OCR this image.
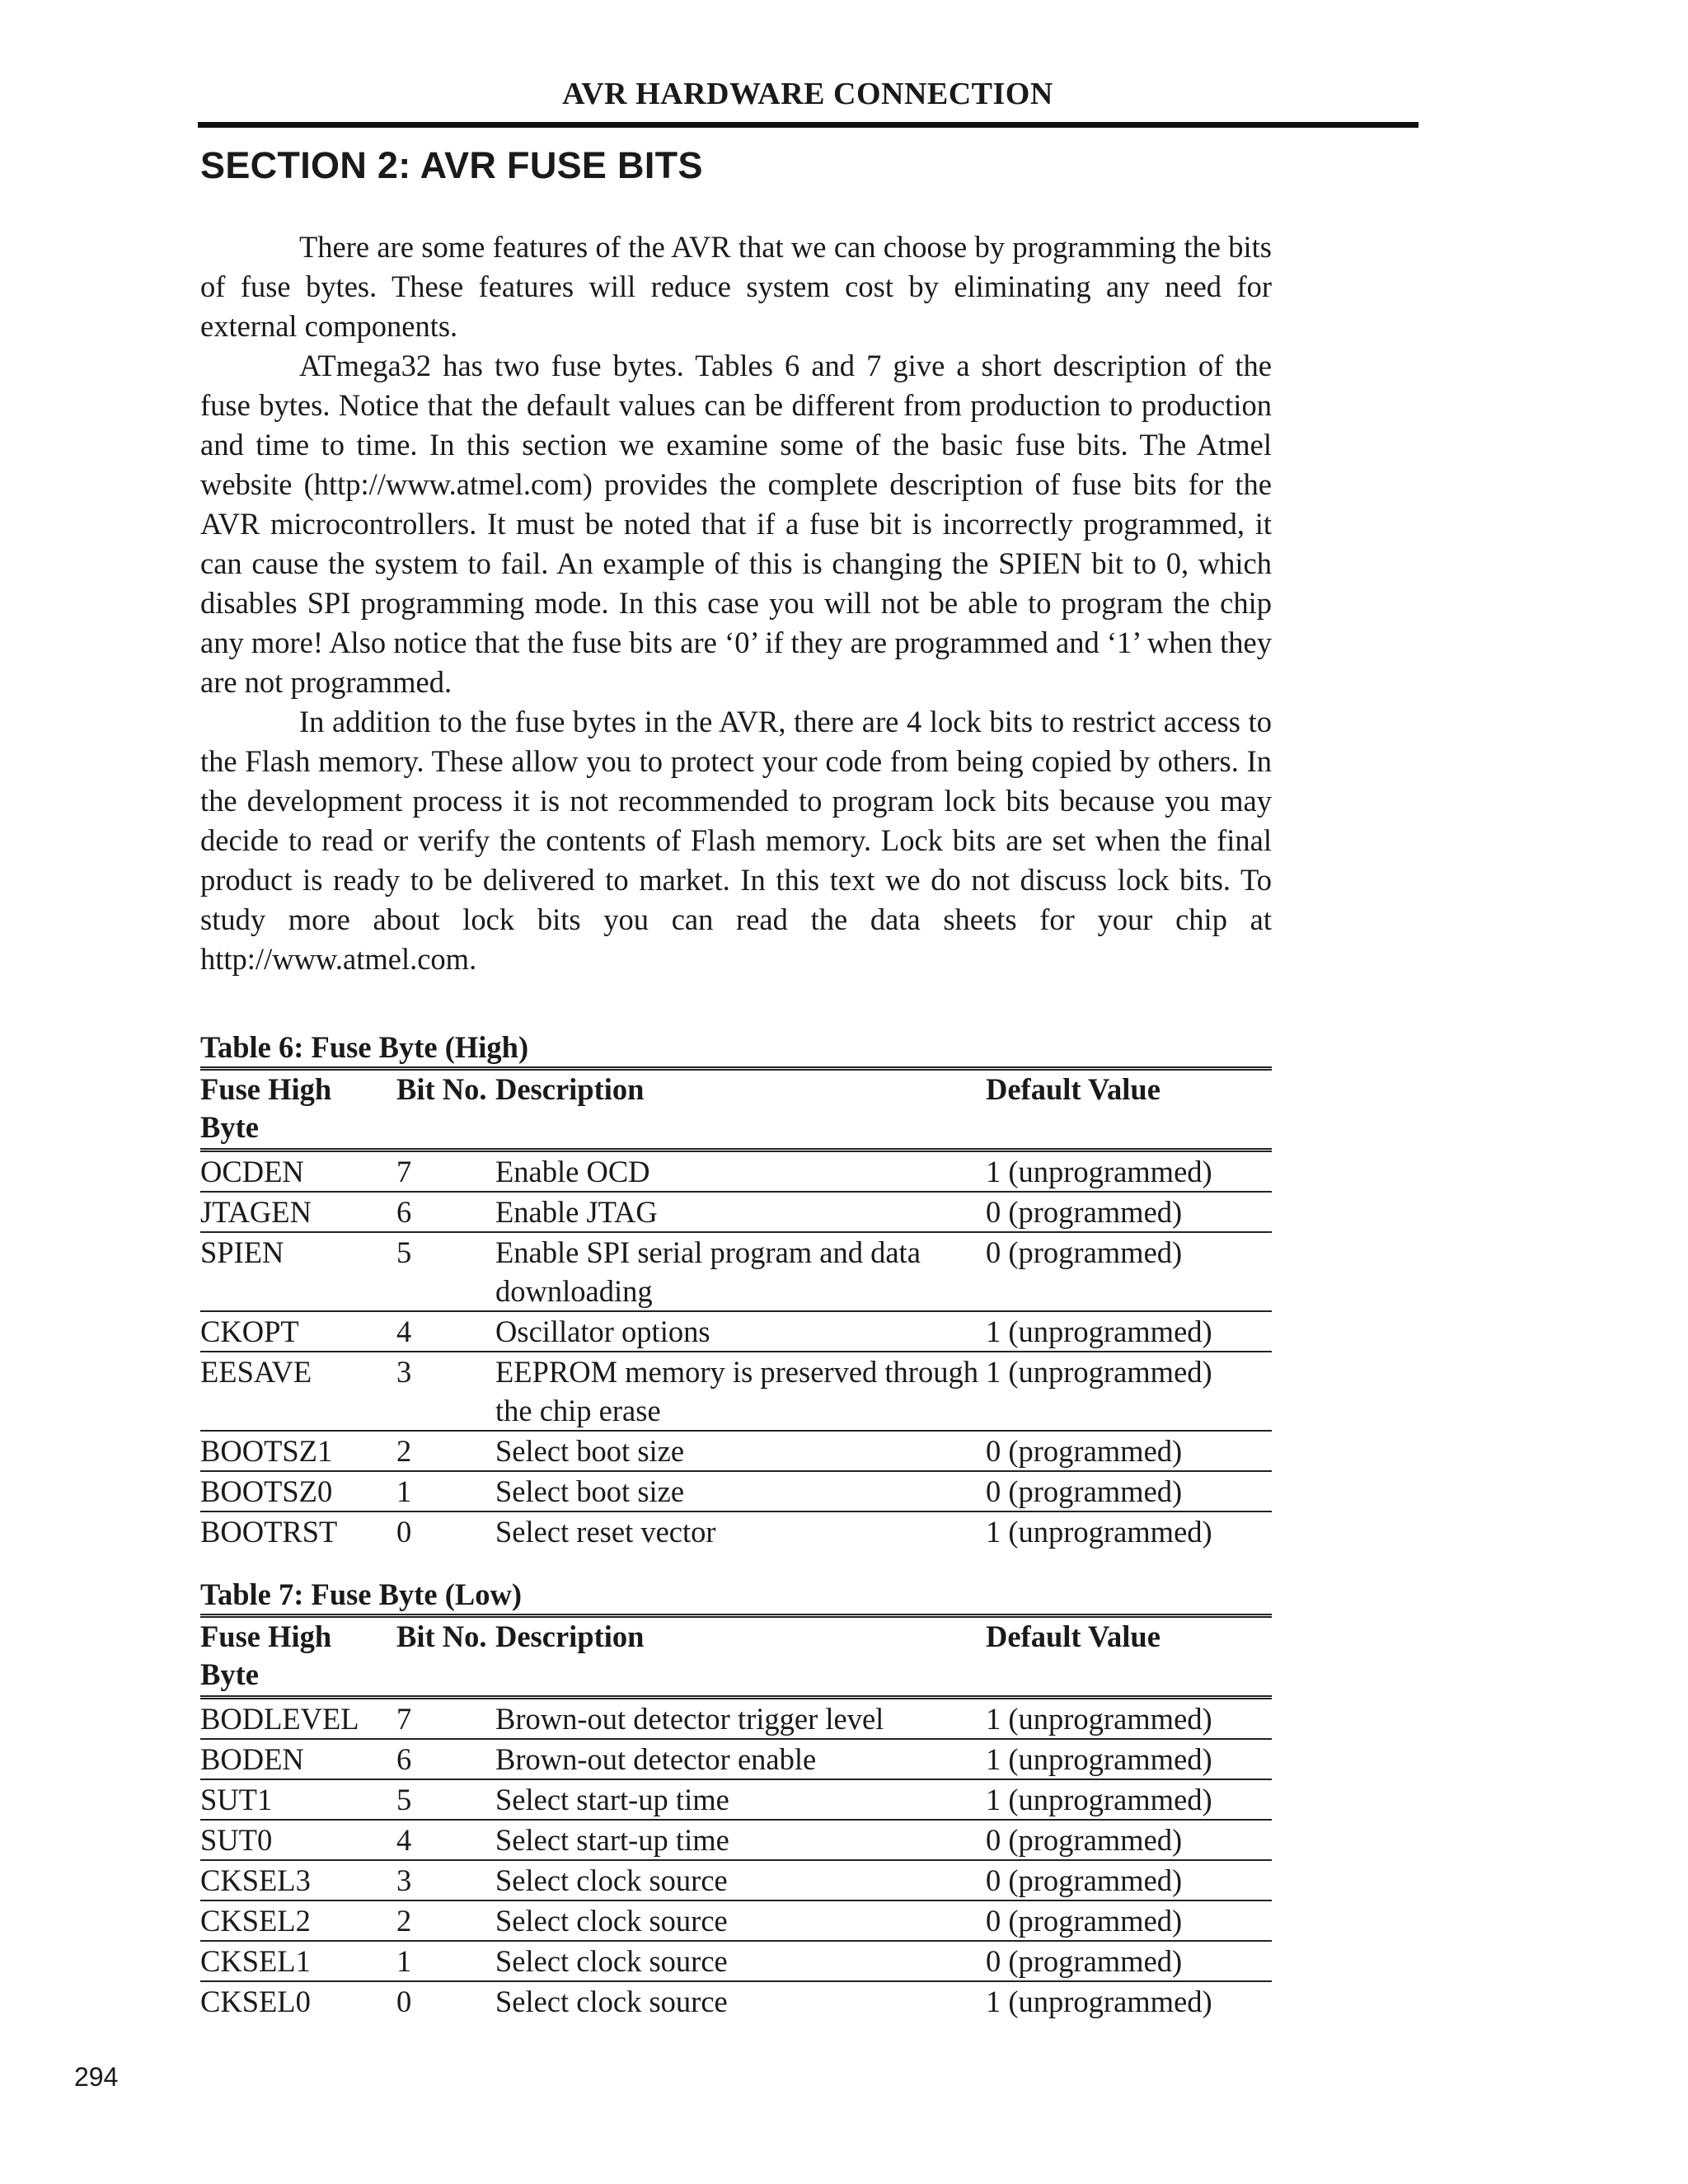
AVR HARDWARE CONNECTION
SECTION 2: AVR FUSE BITS

There are some features of the AVR that we can choose by programming the bits of fuse bytes. These features will reduce system cost by eliminating any need for external components.

ATmega32 has two fuse bytes. Tables 6 and 7 give a short description of the fuse bytes. Notice that the default values can be different from production to production and time to time. In this section we examine some of the basic fuse bits. The Atmel website (http://www.atmel.com) provides the complete description of fuse bits for the AVR microcontrollers. It must be noted that if a fuse bit is incorrectly programmed, it can cause the system to fail. An example of this is changing the SPIEN bit to 0, which disables SPI programming mode. In this case you will not be able to program the chip any more! Also notice that the fuse bits are ‘0’ if they are programmed and ‘1’ when they are not programmed.

In addition to the fuse bytes in the AVR, there are 4 lock bits to restrict access to the Flash memory. These allow you to protect your code from being copied by others. In the development process it is not recommended to program lock bits because you may decide to read or verify the contents of Flash memory. Lock bits are set when the final product is ready to be delivered to market. In this text we do not discuss lock bits. To study more about lock bits you can read the data sheets for your chip at http://www.atmel.com.

Table 6: Fuse Byte (High)
Fuse High Byte	Bit No.	Description	Default Value
OCDEN	7	Enable OCD	1 (unprogrammed)
JTAGEN	6	Enable JTAG	0 (programmed)
SPIEN	5	Enable SPI serial program and data downloading	0 (programmed)
CKOPT	4	Oscillator options	1 (unprogrammed)
EESAVE	3	EEPROM memory is preserved through the chip erase	1 (unprogrammed)
BOOTSZ1	2	Select boot size	0 (programmed)
BOOTSZ0	1	Select boot size	0 (programmed)
BOOTRST	0	Select reset vector	1 (unprogrammed)
Table 7: Fuse Byte (Low)
Fuse High Byte	Bit No.	Description	Default Value
BODLEVEL	7	Brown-out detector trigger level	1 (unprogrammed)
BODEN	6	Brown-out detector enable	1 (unprogrammed)
SUT1	5	Select start-up time	1 (unprogrammed)
SUT0	4	Select start-up time	0 (programmed)
CKSEL3	3	Select clock source	0 (programmed)
CKSEL2	2	Select clock source	0 (programmed)
CKSEL1	1	Select clock source	0 (programmed)
CKSEL0	0	Select clock source	1 (unprogrammed)
294
